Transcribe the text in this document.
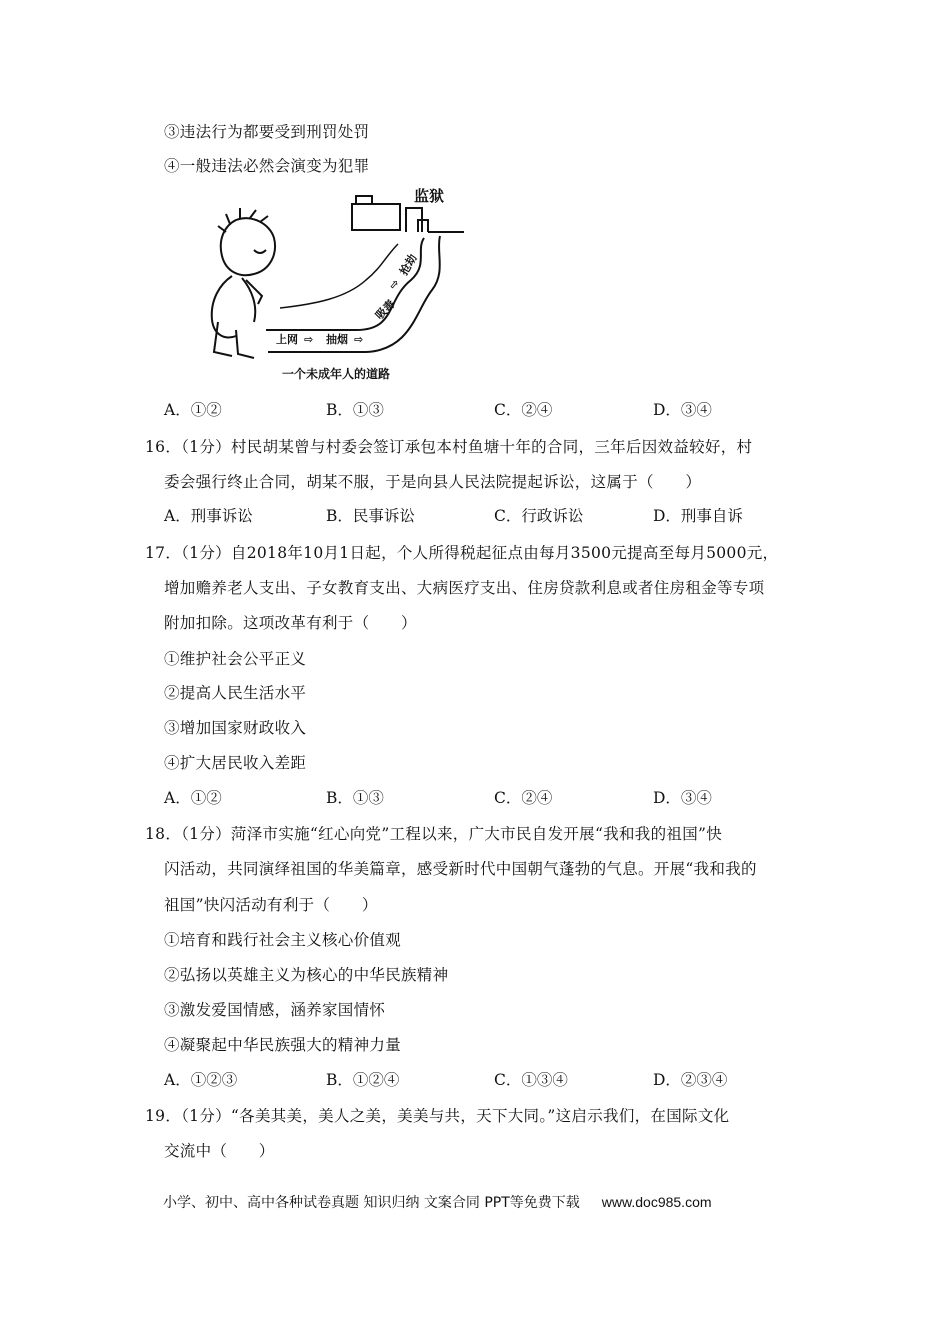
③违法行为都要受到刑罚处罚
④一般违法必然会演变为犯罪
监狱
上网 ⇨ 抽烟 ⇨
吸毒
⇨
抢劫
一个未成年人的道路
A．①②	B．①③	C．②④	D．③④
16．（1分）村民胡某曾与村委会签订承包本村鱼塘十年的合同，三年后因效益较好，村
委会强行终止合同，胡某不服，于是向县人民法院提起诉讼，这属于（　　）
A．刑事诉讼	B．民事诉讼	C．行政诉讼	D．刑事自诉
17．（1分）自2018年10月1日起，个人所得税起征点由每月3500元提高至每月5000元，
增加赡养老人支出、子女教育支出、大病医疗支出、住房贷款利息或者住房租金等专项
附加扣除。这项改革有利于（　　）
①维护社会公平正义
②提高人民生活水平
③增加国家财政收入
④扩大居民收入差距
A．①②	B．①③	C．②④	D．③④
18．（1分）菏泽市实施“红心向党”工程以来，广大市民自发开展“我和我的祖国”快
闪活动，共同演绎祖国的华美篇章，感受新时代中国朝气蓬勃的气息。开展“我和我的
祖国”快闪活动有利于（　　）
①培育和践行社会主义核心价值观
②弘扬以英雄主义为核心的中华民族精神
③激发爱国情感，涵养家国情怀
④凝聚起中华民族强大的精神力量
A．①②③	B．①②④	C．①③④	D．②③④
19．（1分）“各美其美，美人之美，美美与共，天下大同。”这启示我们，在国际文化
交流中（　　）
小学、初中、高中各种试卷真题 知识归纳 文案合同 PPT等免费下载 www.doc985.com
